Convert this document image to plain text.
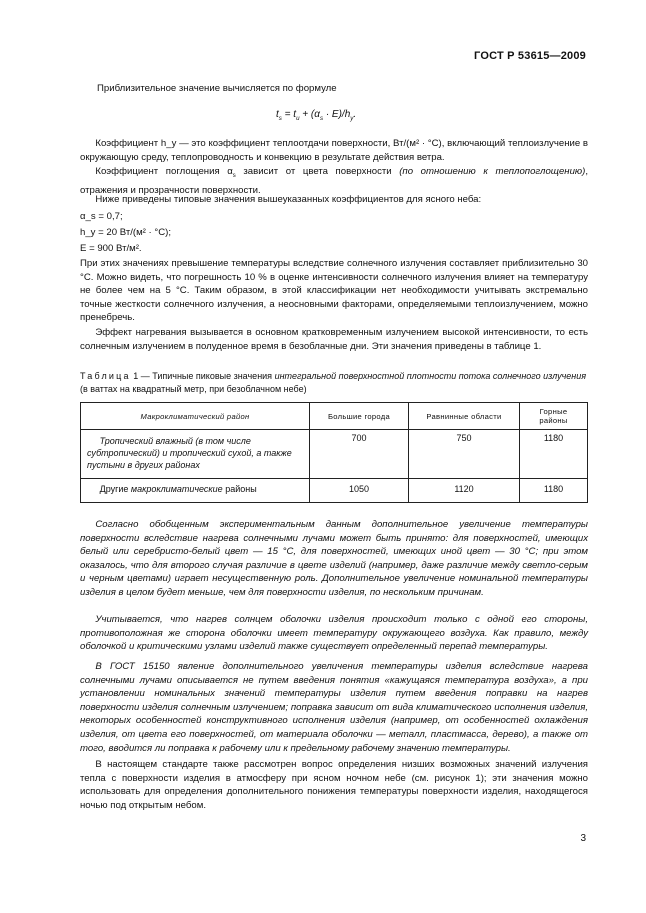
ГОСТ Р 53615—2009
Приблизительное значение вычисляется по формуле
$t_s = t_u + (\alpha_s \cdot E)/h_y$.
Коэффициент h_y — это коэффициент теплоотдачи поверхности, Вт/(м² · °С), включающий теплоизлучение в окружающую среду, теплопроводность и конвекцию в результате действия ветра.
Коэффициент поглощения $\alpha_s$ зависит от цвета поверхности (по отношению к теплопоглощению), отражения и прозрачности поверхности.
Ниже приведены типовые значения вышеуказанных коэффициентов для ясного неба:
α_s = 0,7;
h_y = 20 Вт/(м² · °С);
E = 900 Вт/м².
При этих значениях превышение температуры вследствие солнечного излучения составляет приблизительно 30 °С. Можно видеть, что погрешность 10 % в оценке интенсивности солнечного излучения влияет на температуру не более чем на 5 °С. Таким образом, в этой классификации нет необходимости учитывать экстремально точные жесткости солнечного излучения, а неосновными факторами, определяемыми теплоизлучением, можно пренебречь.
Эффект нагревания вызывается в основном кратковременным излучением высокой интенсивности, то есть солнечным излучением в полуденное время в безоблачные дни. Эти значения приведены в таблице 1.
Таблица 1 — Типичные пиковые значения интегральной поверхностной плотности потока солнечного излучения (в ваттах на квадратный метр, при безоблачном небе)
Макроклиматический район	Большие города	Равнинные области	Горные районы
Тропический влажный (в том числе субтропический) и тропический сухой, а также пустыни в других районах	700	750	1180
Другие макроклиматические районы	1050	1120	1180
Согласно обобщенным экспериментальным данным дополнительное увеличение температуры поверхности вследствие нагрева солнечными лучами может быть принято: для поверхностей, имеющих белый или серебристо-белый цвет — 15 °С, для поверхностей, имеющих иной цвет — 30 °С; при этом оказалось, что для второго случая различие в цвете изделий (например, даже различие между светло-серым и черным цветами) играет несущественную роль. Дополнительное увеличение номинальной температуры изделия в целом будет меньше, чем для поверхности изделия, по нескольким причинам.
Учитывается, что нагрев солнцем оболочки изделия происходит только с одной его стороны, противоположная же сторона оболочки имеет температуру окружающего воздуха. Как правило, между оболочкой и критическими узлами изделий также существует определенный перепад температуры.
В ГОСТ 15150 явление дополнительного увеличения температуры изделия вследствие нагрева солнечными лучами описывается не путем введения понятия «кажущаяся температура воздуха», а при установлении номинальных значений температуры изделия путем введения поправки на нагрев поверхности изделия солнечным излучением; поправка зависит от вида климатического исполнения изделия, некоторых особенностей конструктивного исполнения изделия (например, от особенностей охлаждения изделия, от цвета его поверхностей, от материала оболочки — металл, пластмасса, дерево), а также от того, вводится ли поправка к рабочему или к предельному рабочему значению температуры.
В настоящем стандарте также рассмотрен вопрос определения низших возможных значений излучения тепла с поверхности изделия в атмосферу при ясном ночном небе (см. рисунок 1); эти значения можно использовать для определения дополнительного понижения температуры поверхности изделия, находящегося ночью под открытым небом.
3
